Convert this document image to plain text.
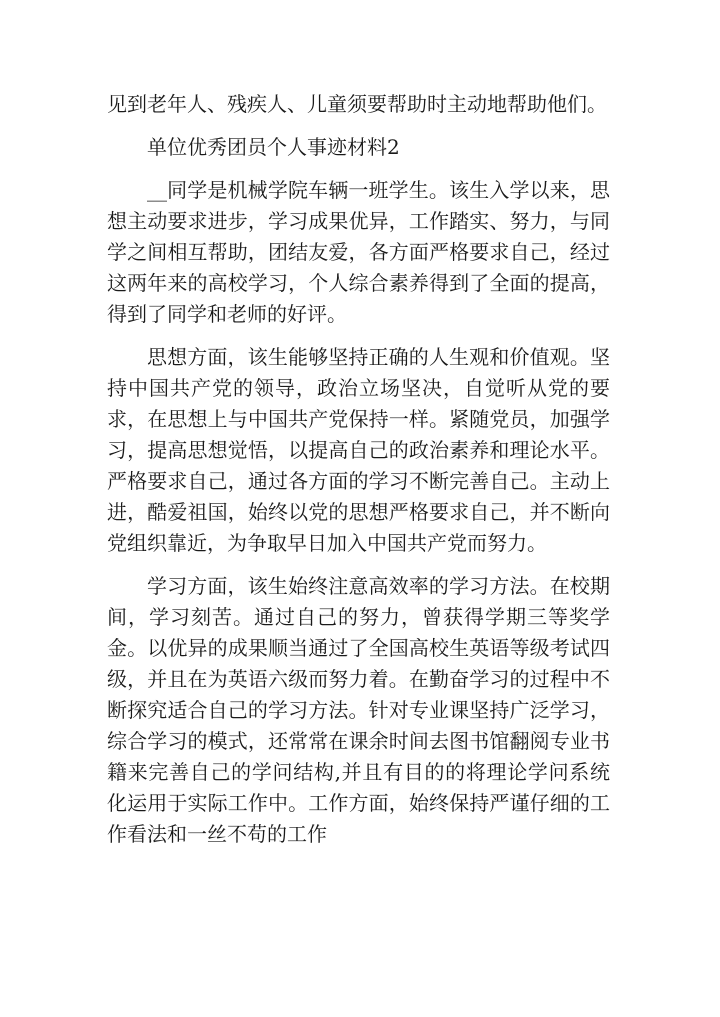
见到老年人、残疾人、儿童须要帮助时主动地帮助他们。

单位优秀团员个人事迹材料2

__同学是机械学院车辆一班学生。该生入学以来，思想主动要求进步，学习成果优异，工作踏实、努力，与同学之间相互帮助，团结友爱，各方面严格要求自己，经过这两年来的高校学习，个人综合素养得到了全面的提高，得到了同学和老师的好评。

思想方面，该生能够坚持正确的人生观和价值观。坚持中国共产党的领导，政治立场坚决，自觉听从党的要求，在思想上与中国共产党保持一样。紧随党员，加强学习，提高思想觉悟，以提高自己的政治素养和理论水平。严格要求自己，通过各方面的学习不断完善自己。主动上进，酷爱祖国，始终以党的思想严格要求自己，并不断向党组织靠近，为争取早日加入中国共产党而努力。

学习方面，该生始终注意高效率的学习方法。在校期间，学习刻苦。通过自己的努力，曾获得学期三等奖学金。以优异的成果顺当通过了全国高校生英语等级考试四级，并且在为英语六级而努力着。在勤奋学习的过程中不断探究适合自己的学习方法。针对专业课坚持广泛学习，综合学习的模式，还常常在课余时间去图书馆翻阅专业书籍来完善自己的学问结构,并且有目的的将理论学问系统化运用于实际工作中。工作方面，始终保持严谨仔细的工作看法和一丝不苟的工作
